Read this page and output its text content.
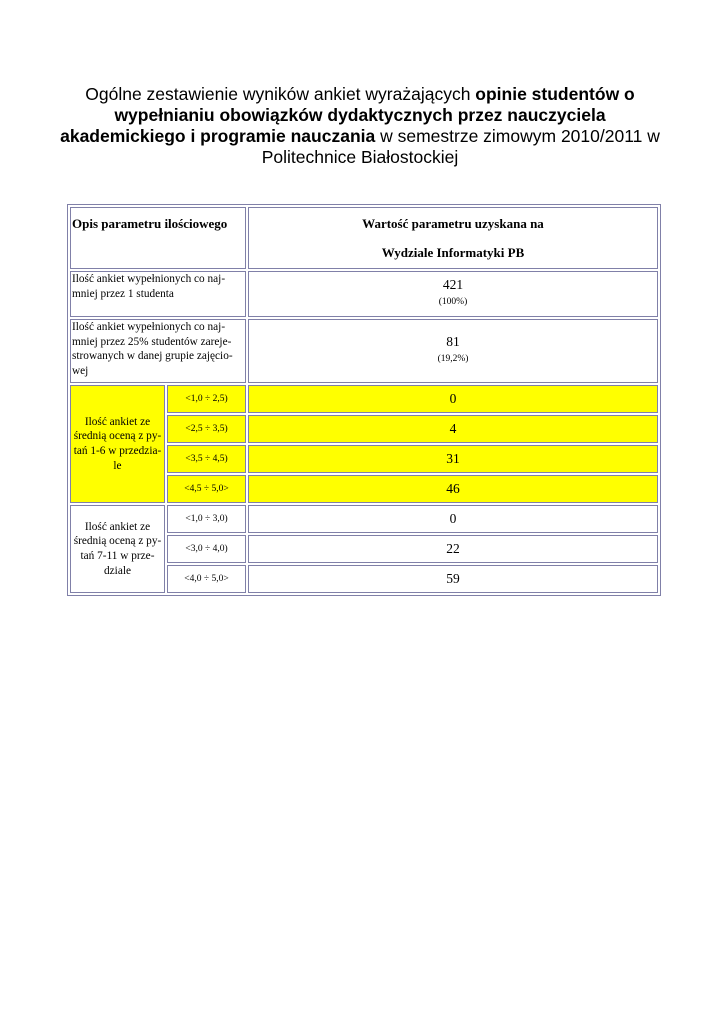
Ogólne zestawienie wyników ankiet wyrażających opinie studentów o wypełnianiu obowiązków dydaktycznych przez nauczyciela akademickiego i programie nauczania w semestrze zimowym 2010/2011 w Politechnice Białostockiej
Opis parametru ilościowego		Wartość parametru uzyskana na
Wydziale Informatyki PB

Ilość ankiet wypełnionych co naj-mniej przez 1 studenta		421
(100%)

Ilość ankiet wypełnionych co naj-mniej przez 25% studentów zareje-strowanych w danej grupie zajęcio-wej		81
(19,2%)

Ilość ankiet ze średnią oceną z py-tań 1-6 w przedzia-le	<1,0 ÷ 2,5)	0
	<2,5 ÷ 3,5)	4
	<3,5 ÷ 4,5)	31
	<4,5 ÷ 5,0>	46
Ilość ankiet ze średnią oceną z py-tań 7-11 w prze-dziale	<1,0 ÷ 3,0)	0
	<3,0 ÷ 4,0)	22
	<4,0 ÷ 5,0>	59
